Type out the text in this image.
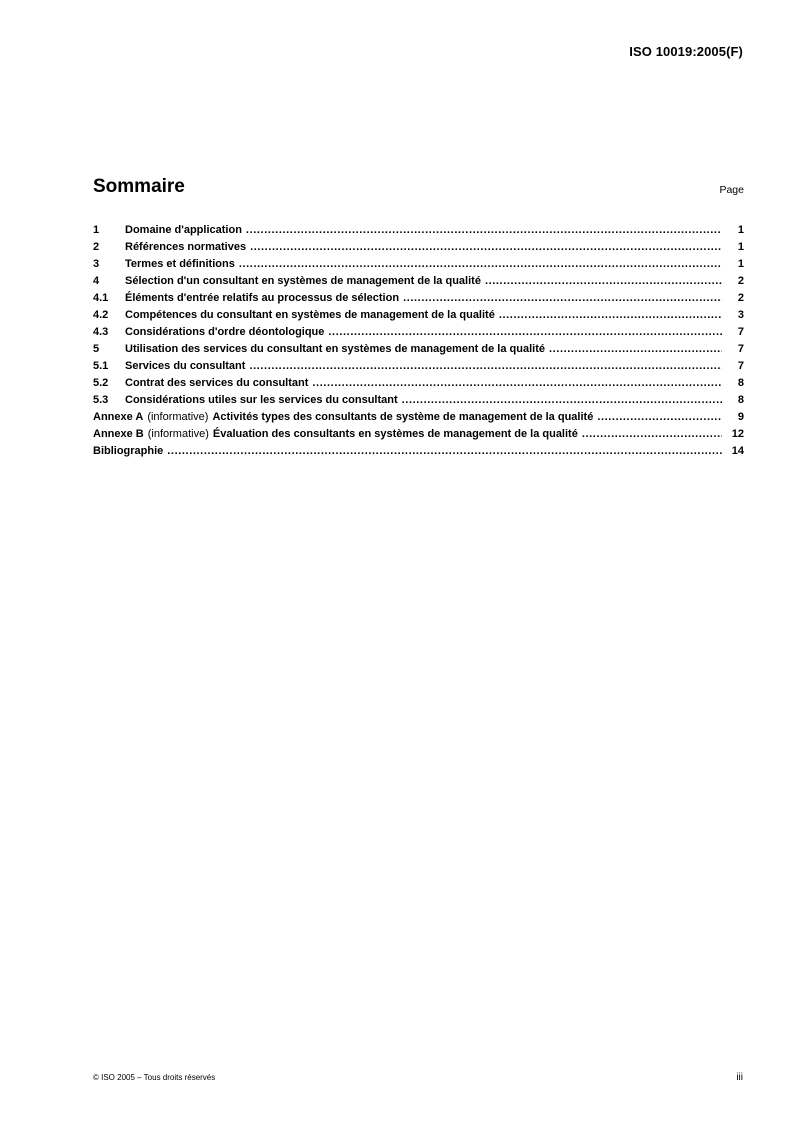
ISO 10019:2005(F)
Sommaire	Page
1	Domaine d'application .....	1
2	Références normatives .....	1
3	Termes et définitions .....	1
4	Sélection d'un consultant en systèmes de management de la qualité .....	2
4.1	Éléments d'entrée relatifs au processus de sélection .....	2
4.2	Compétences du consultant en systèmes de management de la qualité .....	3
4.3	Considérations d'ordre déontologique .....	7
5	Utilisation des services du consultant en systèmes de management de la qualité .....	7
5.1	Services du consultant .....	7
5.2	Contrat des services du consultant .....	8
5.3	Considérations utiles sur les services du consultant .....	8
Annexe A (informative) Activités types des consultants de système de management de la qualité .....	9
Annexe B (informative) Évaluation des consultants en systèmes de management de la qualité .....	12
Bibliographie .....	14
© ISO 2005 – Tous droits réservés	iii
